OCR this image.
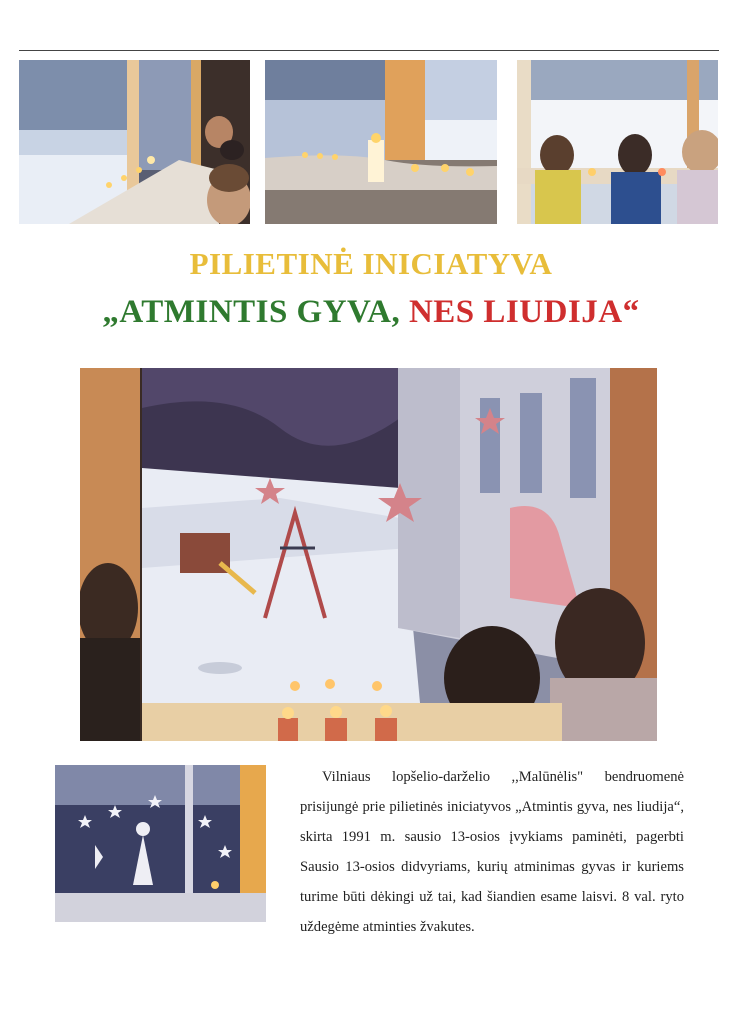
PILIETINĖ INICIATYVA
„ATMINTIS GYVA, NES LIUDIJA“
Vilniaus lopšelio-darželio ,,Malūnėlis" bendruomenė prisijungė prie pilietinės iniciatyvos „Atmintis gyva, nes liudija“, skirta 1991 m. sausio 13-osios įvykiams paminėti, pagerbti Sausio 13-osios didvyriams, kurių atminimas gyvas ir kuriems turime būti dėkingi už tai, kad šiandien esame laisvi. 8 val. ryto uždegėme atminties žvakutes.
